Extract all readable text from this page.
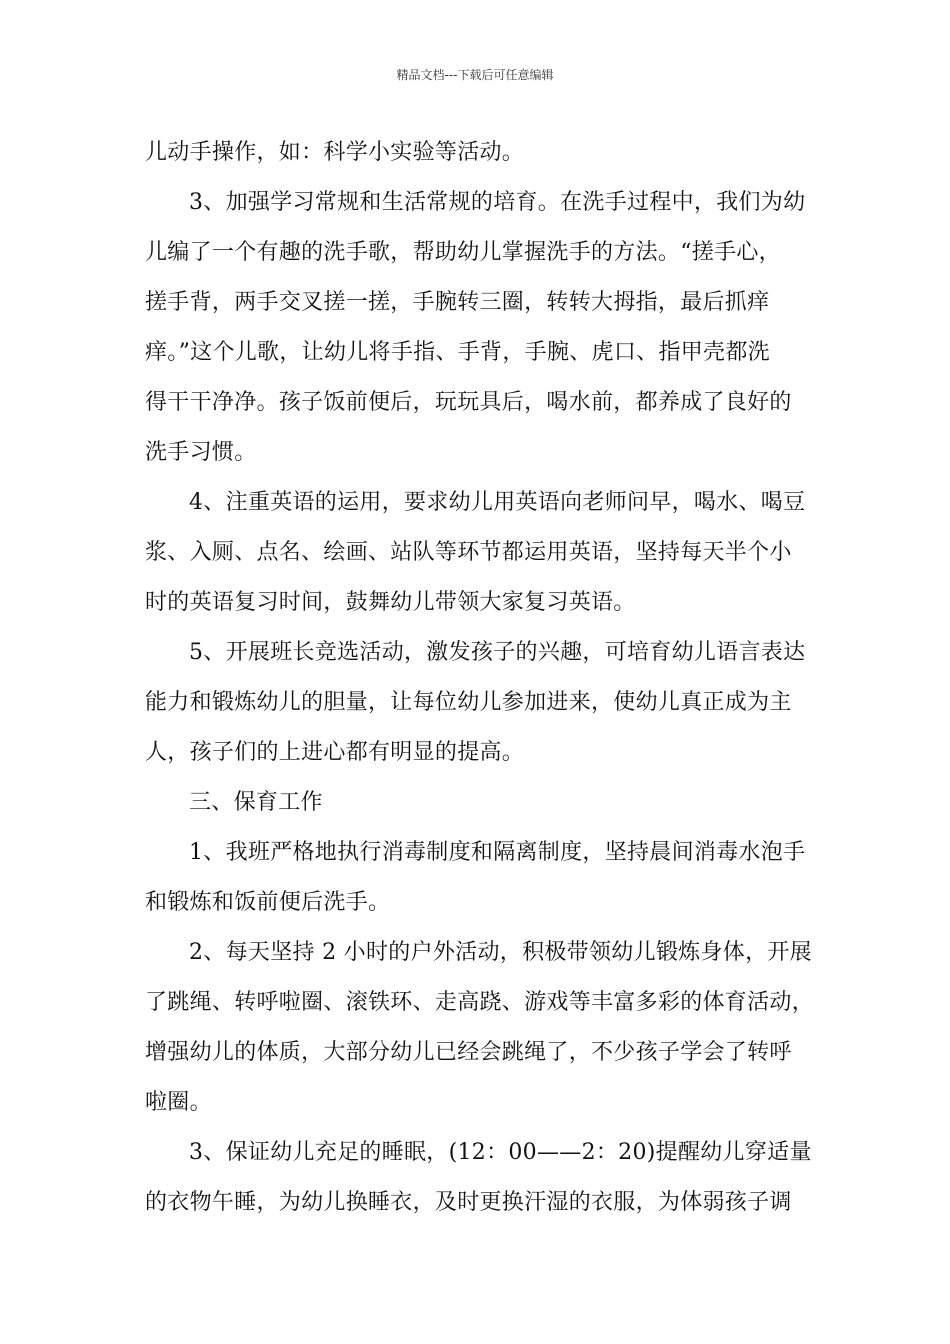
精品文档---下载后可任意编辑

儿动手操作，如：科学小实验等活动。

3、加强学习常规和生活常规的培育。在洗手过程中，我们为幼
儿编了一个有趣的洗手歌，帮助幼儿掌握洗手的方法。“搓手心，
搓手背，两手交叉搓一搓，手腕转三圈，转转大拇指，最后抓痒
痒。”这个儿歌，让幼儿将手指、手背，手腕、虎口、指甲壳都洗
得干干净净。孩子饭前便后，玩玩具后，喝水前，都养成了良好的
洗手习惯。

4、注重英语的运用，要求幼儿用英语向老师问早，喝水、喝豆
浆、入厕、点名、绘画、站队等环节都运用英语，坚持每天半个小
时的英语复习时间，鼓舞幼儿带领大家复习英语。

5、开展班长竞选活动，激发孩子的兴趣，可培育幼儿语言表达
能力和锻炼幼儿的胆量，让每位幼儿参加进来，使幼儿真正成为主
人，孩子们的上进心都有明显的提高。

三、保育工作

1、我班严格地执行消毒制度和隔离制度，坚持晨间消毒水泡手
和锻炼和饭前便后洗手。

2、每天坚持 2 小时的户外活动，积极带领幼儿锻炼身体，开展
了跳绳、转呼啦圈、滚铁环、走高跷、游戏等丰富多彩的体育活动，
增强幼儿的体质，大部分幼儿已经会跳绳了，不少孩子学会了转呼
啦圈。

3、保证幼儿充足的睡眠，(12：00——2：20)提醒幼儿穿适量
的衣物午睡，为幼儿换睡衣，及时更换汗湿的衣服，为体弱孩子调
